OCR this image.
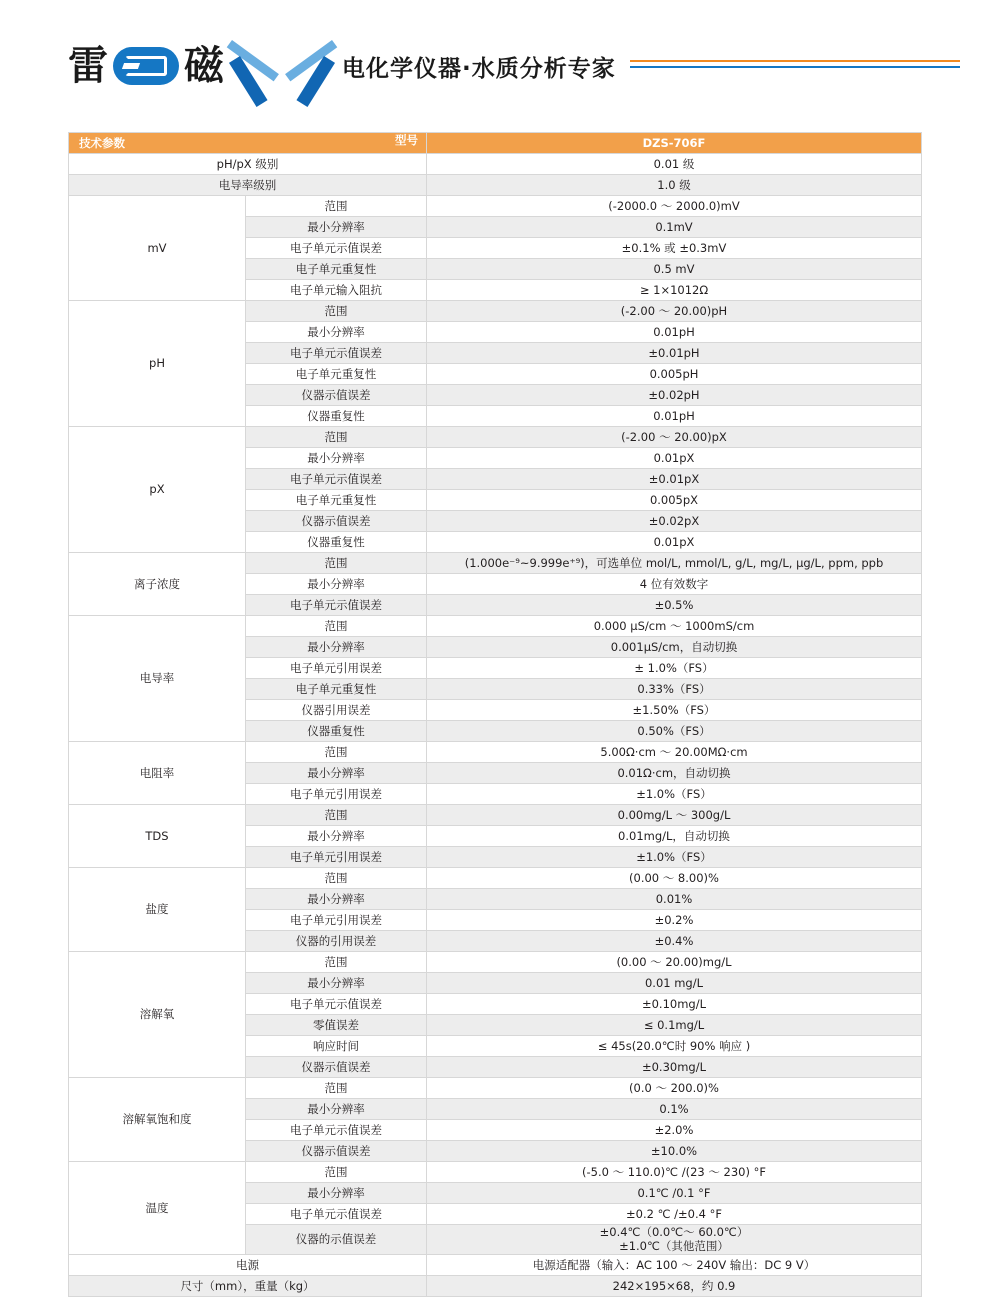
雷 磁	电化学仪器·水质分析专家
技术参数 型号		DZS-706F
pH/pX 级别		0.01 级
电导率级别		1.0 级
mV	范围	(-2000.0 ～ 2000.0)mV
	最小分辨率	0.1mV
	电子单元示值误差	±0.1% 或 ±0.3mV
	电子单元重复性	0.5 mV
	电子单元输入阻抗	≥ 1×1012Ω
pH	范围	(-2.00 ～ 20.00)pH
	最小分辨率	0.01pH
	电子单元示值误差	±0.01pH
	电子单元重复性	0.005pH
	仪器示值误差	±0.02pH
	仪器重复性	0.01pH
pX	范围	(-2.00 ～ 20.00)pX
	最小分辨率	0.01pX
	电子单元示值误差	±0.01pX
	电子单元重复性	0.005pX
	仪器示值误差	±0.02pX
	仪器重复性	0.01pX
离子浓度	范围	(1.000e⁻⁹~9.999e⁺⁹)，可选单位 mol/L, mmol/L, g/L, mg/L, μg/L, ppm, ppb
	最小分辨率	4 位有效数字
	电子单元示值误差	±0.5%
电导率	范围	0.000 μS/cm ～ 1000mS/cm
	最小分辨率	0.001μS/cm，自动切换
	电子单元引用误差	± 1.0%（FS）
	电子单元重复性	0.33%（FS）
	仪器引用误差	±1.50%（FS）
	仪器重复性	0.50%（FS）
电阻率	范围	5.00Ω·cm ～ 20.00MΩ·cm
	最小分辨率	0.01Ω·cm，自动切换
	电子单元引用误差	±1.0%（FS）
TDS	范围	0.00mg/L ～ 300g/L
	最小分辨率	0.01mg/L，自动切换
	电子单元引用误差	±1.0%（FS）
盐度	范围	(0.00 ～ 8.00)%
	最小分辨率	0.01%
	电子单元引用误差	±0.2%
	仪器的引用误差	±0.4%
溶解氧	范围	(0.00 ～ 20.00)mg/L
	最小分辨率	0.01 mg/L
	电子单元示值误差	±0.10mg/L
	零值误差	≤ 0.1mg/L
	响应时间	≤ 45s(20.0℃时 90% 响应 )
	仪器示值误差	±0.30mg/L
溶解氧饱和度	范围	(0.0 ～ 200.0)%
	最小分辨率	0.1%
	电子单元示值误差	±2.0%
	仪器示值误差	±10.0%
温度	范围	(-5.0 ～ 110.0)℃ /(23 ～ 230) °F
	最小分辨率	0.1℃ /0.1 °F
	电子单元示值误差	±0.2 ℃ /±0.4 °F
	仪器的示值误差	±0.4℃（0.0℃～ 60.0℃）
±1.0℃（其他范围）

电源		电源适配器（输入：AC 100 ～ 240V 输出：DC 9 V）
尺寸（mm），重量（kg）		242×195×68，约 0.9
